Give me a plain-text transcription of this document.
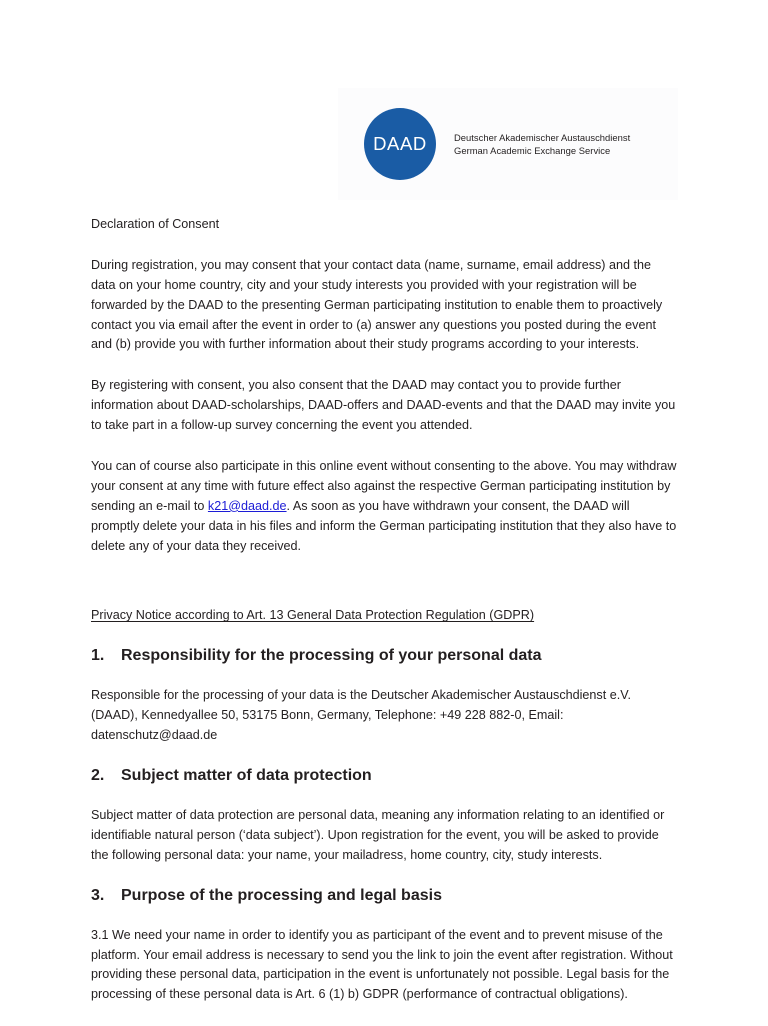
DAAD	Deutscher Akademischer Austauschdienst
German Academic Exchange Service
Declaration of Consent

During registration, you may consent that your contact data (name, surname, email address) and the data on your home country, city and your study interests you provided with your registration will be forwarded by the DAAD to the presenting German participating institution to enable them to proactively contact you via email after the event in order to (a) answer any questions you posted during the event and (b) provide you with further information about their study programs according to your interests.

By registering with consent, you also consent that the DAAD may contact you to provide further information about DAAD-scholarships, DAAD-offers and DAAD-events and that the DAAD may invite you to take part in a follow-up survey concerning the event you attended.

You can of course also participate in this online event without consenting to the above. You may withdraw your consent at any time with future effect also against the respective German participating institution by sending an e-mail to k21@daad.de. As soon as you have withdrawn your consent, the DAAD will promptly delete your data in his files and inform the German participating institution that they also have to delete any of your data they received.

Privacy Notice according to Art. 13 General Data Protection Regulation (GDPR)
1.	Responsibility for the processing of your personal data

Responsible for the processing of your data is the Deutscher Akademischer Austauschdienst e.V. (DAAD), Kennedyallee 50, 53175 Bonn, Germany, Telephone: +49 228 882-0, Email: datenschutz@daad.de

2.	Subject matter of data protection

Subject matter of data protection are personal data, meaning any information relating to an identified or identifiable natural person (‘data subject’). Upon registration for the event, you will be asked to provide the following personal data: your name, your mailadress, home country, city, study interests.

3.	Purpose of the processing and legal basis

3.1 We need your name in order to identify you as participant of the event and to prevent misuse of the platform. Your email address is necessary to send you the link to join the event after registration. Without providing these personal data, participation in the event is unfortunately not possible. Legal basis for the processing of these personal data is Art. 6 (1) b) GDPR (performance of contractual obligations).
